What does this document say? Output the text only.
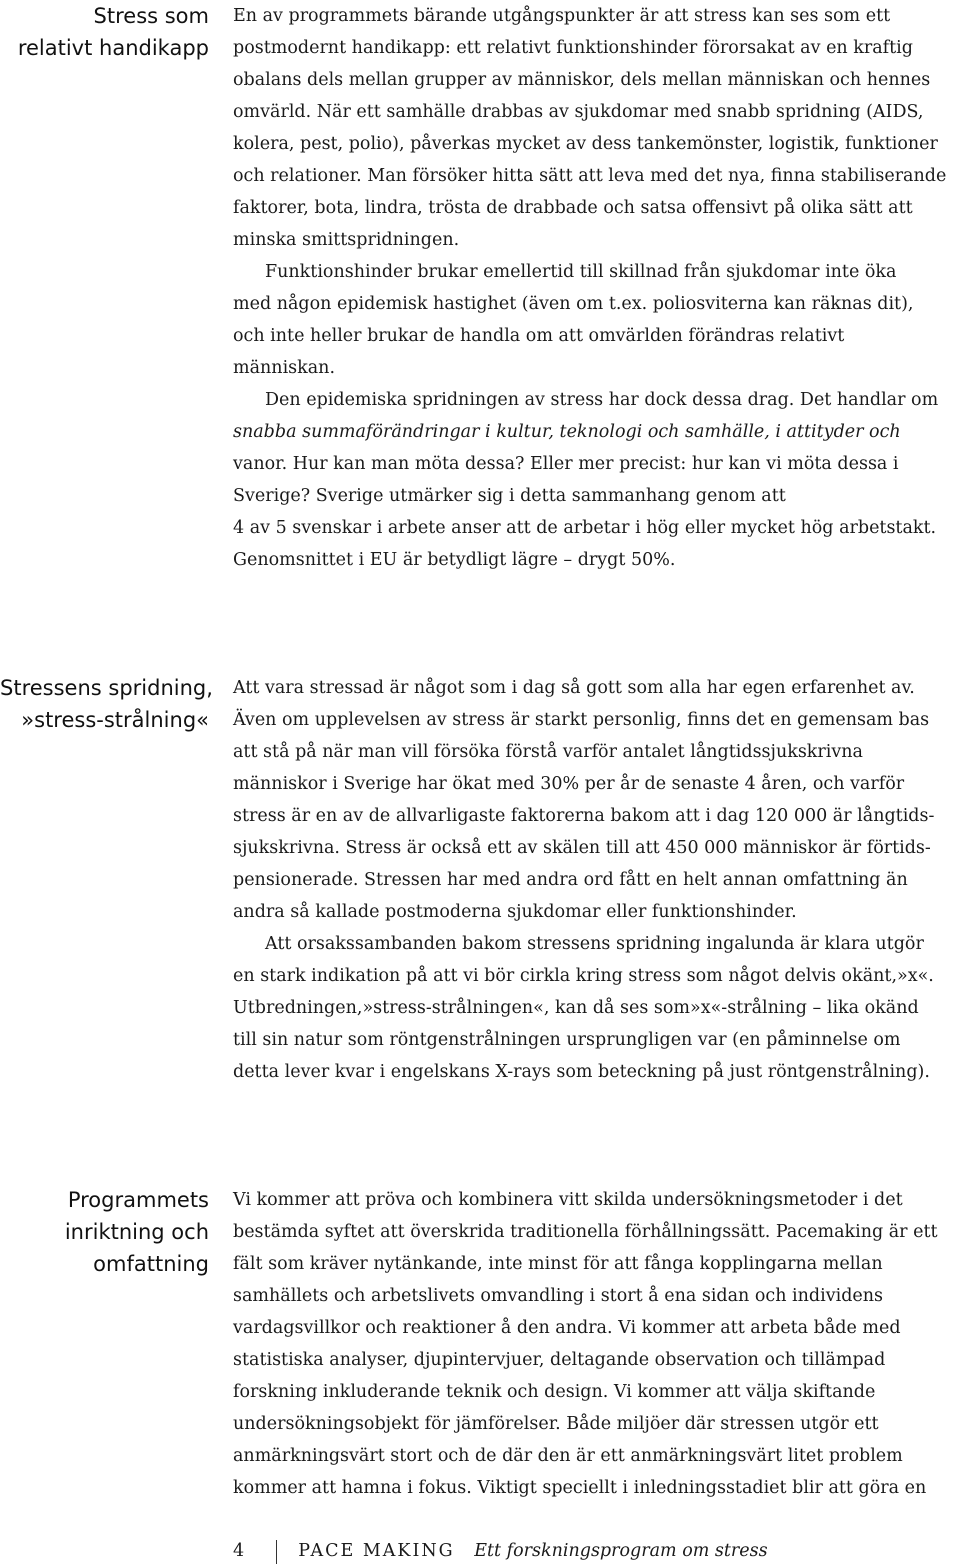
Stress som
relativt handikapp
En av programmets bärande utgångspunkter är att stress kan ses som ett
postmodernt handikapp: ett relativt funktionshinder förorsakat av en kraftig
obalans dels mellan grupper av människor, dels mellan människan och hennes
omvärld. När ett samhälle drabbas av sjukdomar med snabb spridning (AIDS,
kolera, pest, polio), påverkas mycket av dess tankemönster, logistik, funktioner
och relationer. Man försöker hitta sätt att leva med det nya, finna stabiliserande
faktorer, bota, lindra, trösta de drabbade och satsa offensivt på olika sätt att
minska smittspridningen.
Funktionshinder brukar emellertid till skillnad från sjukdomar inte öka
med någon epidemisk hastighet (även om t.ex. poliosviterna kan räknas dit),
och inte heller brukar de handla om att omvärlden förändras relativt
människan.
Den epidemiska spridningen av stress har dock dessa drag. Det handlar om
snabba summaförändringar i kultur, teknologi och samhälle, i attityder och
vanor. Hur kan man möta dessa? Eller mer precist: hur kan vi möta dessa i
Sverige? Sverige utmärker sig i detta sammanhang genom att
4 av 5 svenskar i arbete anser att de arbetar i hög eller mycket hög arbetstakt.
Genomsnittet i EU är betydligt lägre – drygt 50%.
Stressens spridning,
»stress-strålning«
Att vara stressad är något som i dag så gott som alla har egen erfarenhet av.
Även om upplevelsen av stress är starkt personlig, finns det en gemensam bas
att stå på när man vill försöka förstå varför antalet långtidssjukskrivna
människor i Sverige har ökat med 30% per år de senaste 4 åren, och varför
stress är en av de allvarligaste faktorerna bakom att i dag 120 000 är långtids-
sjukskrivna. Stress är också ett av skälen till att 450 000 människor är förtids-
pensionerade. Stressen har med andra ord fått en helt annan omfattning än
andra så kallade postmoderna sjukdomar eller funktionshinder.
Att orsakssambanden bakom stressens spridning ingalunda är klara utgör
en stark indikation på att vi bör cirkla kring stress som något delvis okänt,»x«.
Utbredningen,»stress-strålningen«, kan då ses som»x«-strålning – lika okänd
till sin natur som röntgenstrålningen ursprungligen var (en påminnelse om
detta lever kvar i engelskans X-rays som beteckning på just röntgenstrålning).
Programmets
inriktning och
omfattning
Vi kommer att pröva och kombinera vitt skilda undersökningsmetoder i det
bestämda syftet att överskrida traditionella förhållningssätt. Pacemaking är ett
fält som kräver nytänkande, inte minst för att fånga kopplingarna mellan
samhällets och arbetslivets omvandling i stort å ena sidan och individens
vardagsvillkor och reaktioner å den andra. Vi kommer att arbeta både med
statistiska analyser, djupintervjuer, deltagande observation och tillämpad
forskning inkluderande teknik och design. Vi kommer att välja skiftande
undersökningsobjekt för jämförelser. Både miljöer där stressen utgör ett
anmärkningsvärt stort och de där den är ett anmärkningsvärt litet problem
kommer att hamna i fokus. Viktigt speciellt i inledningsstadiet blir att göra en
4	PACE MAKING Ett forskningsprogram om stress
